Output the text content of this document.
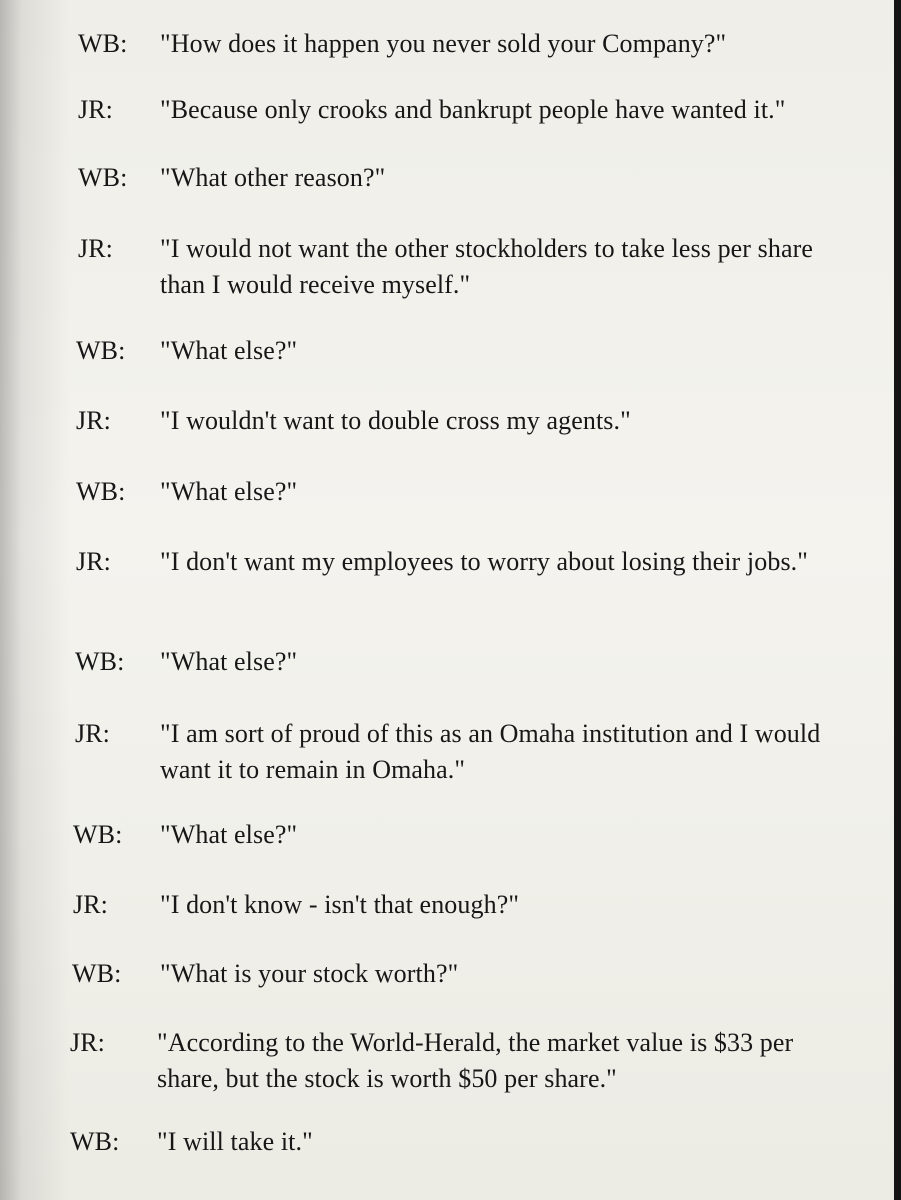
WB: "How does it happen you never sold your Company?"
JR: "Because only crooks and bankrupt people have wanted it."
WB: "What other reason?"
JR: "I would not want the other stockholders to take less per share than I would receive myself."
WB: "What else?"
JR: "I wouldn't want to double cross my agents."
WB: "What else?"
JR: "I don't want my employees to worry about losing their jobs."
WB: "What else?"
JR: "I am sort of proud of this as an Omaha institution and I would want it to remain in Omaha."
WB: "What else?"
JR: "I don't know - isn't that enough?"
WB: "What is your stock worth?"
JR: "According to the World-Herald, the market value is $33 per share, but the stock is worth $50 per share."
WB: "I will take it."
